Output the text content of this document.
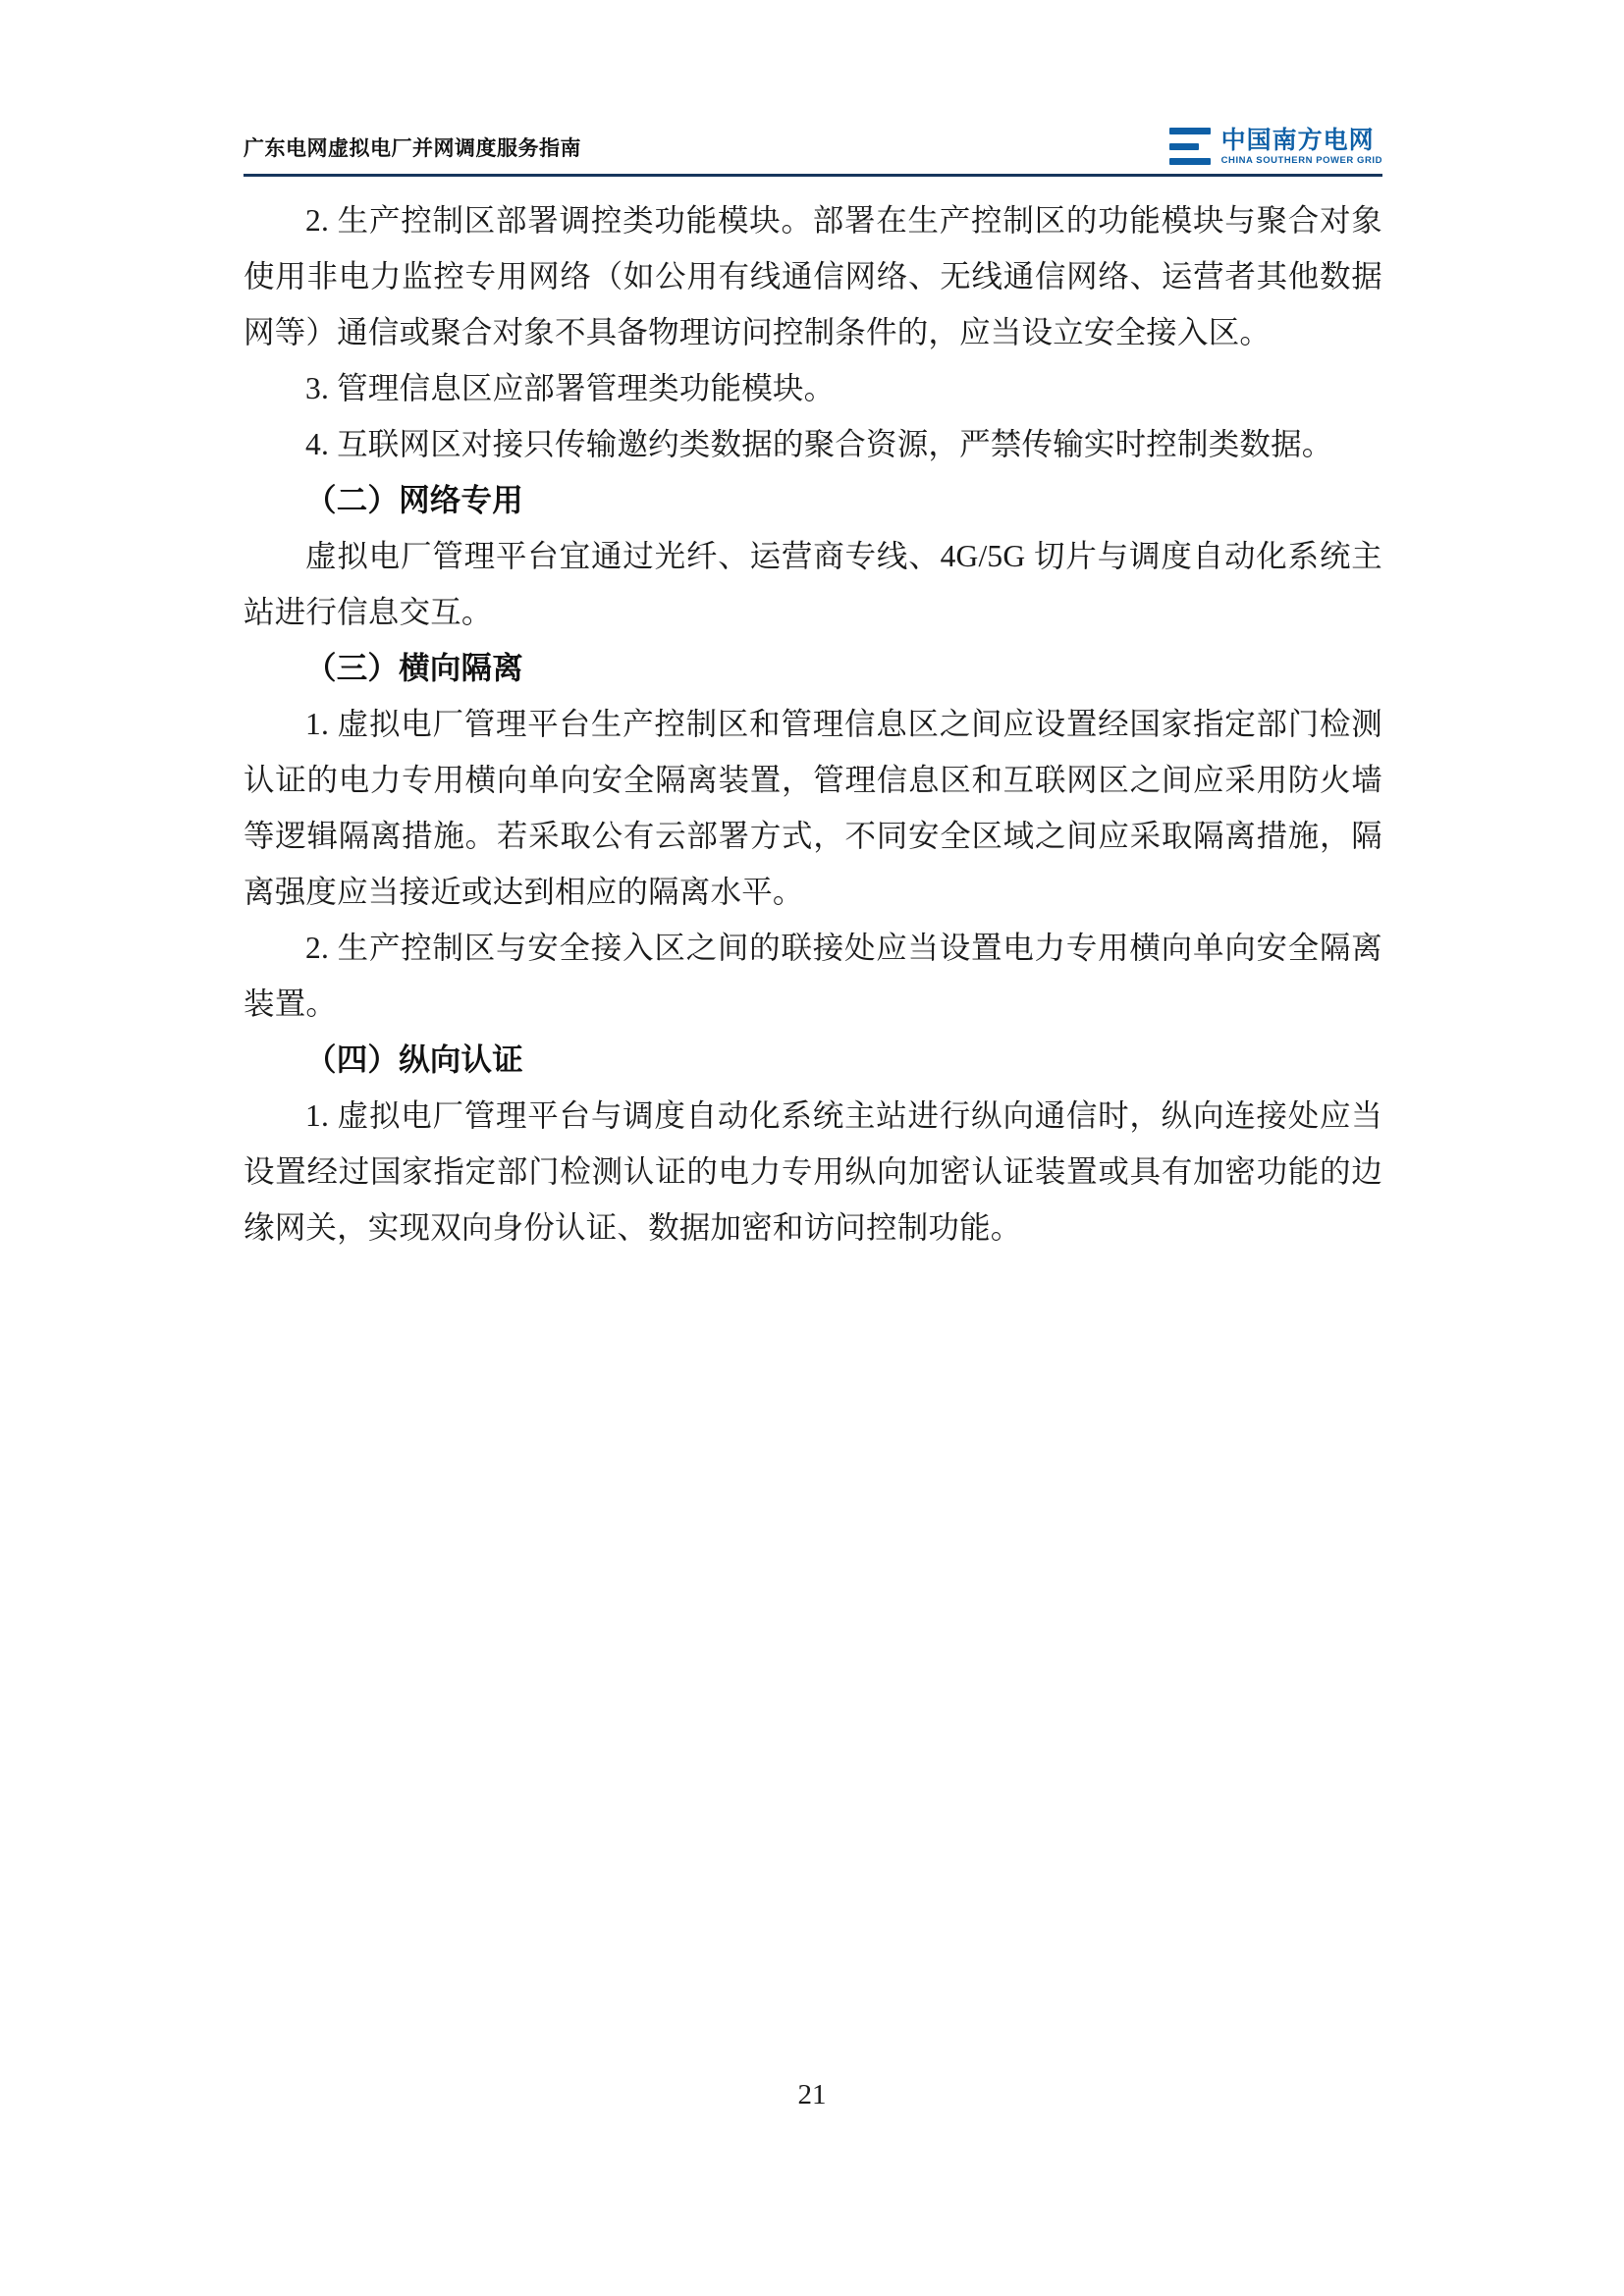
广东电网虚拟电厂并网调度服务指南	中国南方电网
CHINA SOUTHERN POWER GRID

2. 生产控制区部署调控类功能模块。部署在生产控制区的功能模块与聚合对象使用非电力监控专用网络（如公用有线通信网络、无线通信网络、运营者其他数据网等）通信或聚合对象不具备物理访问控制条件的，应当设立安全接入区。

3. 管理信息区应部署管理类功能模块。

4. 互联网区对接只传输邀约类数据的聚合资源，严禁传输实时控制类数据。

（二）网络专用

虚拟电厂管理平台宜通过光纤、运营商专线、4G/5G 切片与调度自动化系统主站进行信息交互。

（三）横向隔离

1. 虚拟电厂管理平台生产控制区和管理信息区之间应设置经国家指定部门检测认证的电力专用横向单向安全隔离装置，管理信息区和互联网区之间应采用防火墙等逻辑隔离措施。若采取公有云部署方式，不同安全区域之间应采取隔离措施，隔离强度应当接近或达到相应的隔离水平。

2. 生产控制区与安全接入区之间的联接处应当设置电力专用横向单向安全隔离装置。

（四）纵向认证

1. 虚拟电厂管理平台与调度自动化系统主站进行纵向通信时，纵向连接处应当设置经过国家指定部门检测认证的电力专用纵向加密认证装置或具有加密功能的边缘网关，实现双向身份认证、数据加密和访问控制功能。

21
